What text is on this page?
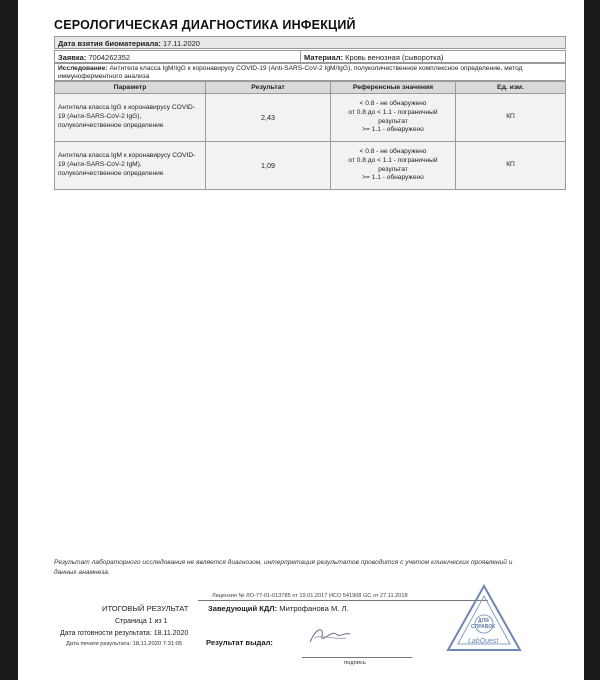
СЕРОЛОГИЧЕСКАЯ ДИАГНОСТИКА ИНФЕКЦИЙ
Дата взятия биоматериала: 17.11.2020
Заявка: 7004262352	Материал: Кровь венозная (сыворотка)
Исследование: Антитела класса IgM/IgG к коронавирусу COVID-19 (Anti-SARS-CoV-2 IgM/IgG), полуколичественное комплексное определение, метод иммуноферментного анализа
Параметр	Результат	Референсные значения	Ед. изм.
Антитела класса IgG к коронавирусу COVID-19 (Анти-SARS-CoV-2 IgG), полуколичественное определение	2,43	< 0.8 - не обнаружено
от 0.8 до < 1.1 - пограничный результат
>= 1.1 - обнаружено	КП
Антитела класса IgM к коронавирусу COVID-19 (Анти-SARS-CoV-2 IgM), полуколичественное определение	1,09	< 0.8 - не обнаружено
от 0.8 до < 1.1 - пограничный результат
>= 1.1 - обнаружено	КП
Результат лабораторного исследования не является диагнозом, интерпретация результатов проводится с учетом клинических проявлений и данных анамнеза.
Лицензия № ЛО-77-01-013785 от 19.01.2017 ИСО 541908 GC от 27.11.2018
ИТОГОВЫЙ РЕЗУЛЬТАТ	Заведующий КДЛ: Митрофанова М. Л.
Страница 1 из 1
Дата готовности результата: 18.11.2020
Дата печати результата: 18.11.2020 7:31:05	Результат выдал:
подпись
ДЛЯ
СПРАВОК
LabQuest
